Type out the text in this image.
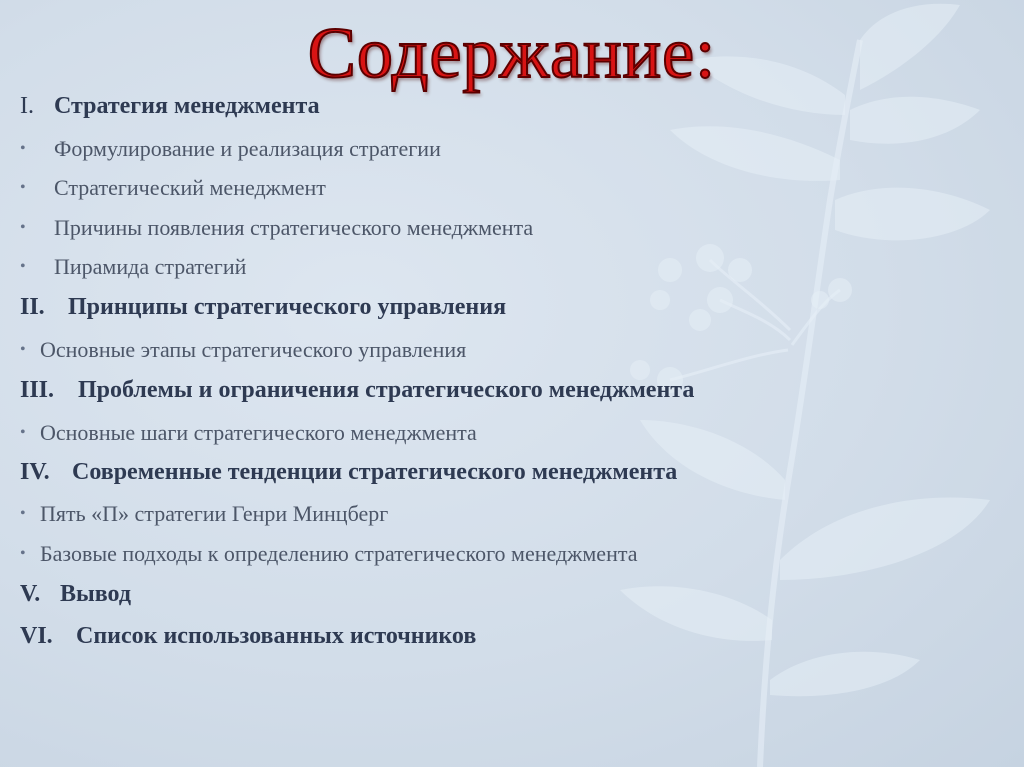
Содержание:
I. Стратегия менеджмента
• Формулирование и реализация стратегии
• Стратегический менеджмент
• Причины появления стратегического менеджмента
• Пирамида стратегий
II. Принципы стратегического управления
• Основные этапы стратегического управления
III. Проблемы и ограничения стратегического менеджмента
• Основные шаги стратегического менеджмента
IV. Современные тенденции стратегического менеджмента
• Пять «П» стратегии Генри Минцберг
• Базовые подходы к определению стратегического менеджмента
V. Вывод
VI. Список использованных источников
